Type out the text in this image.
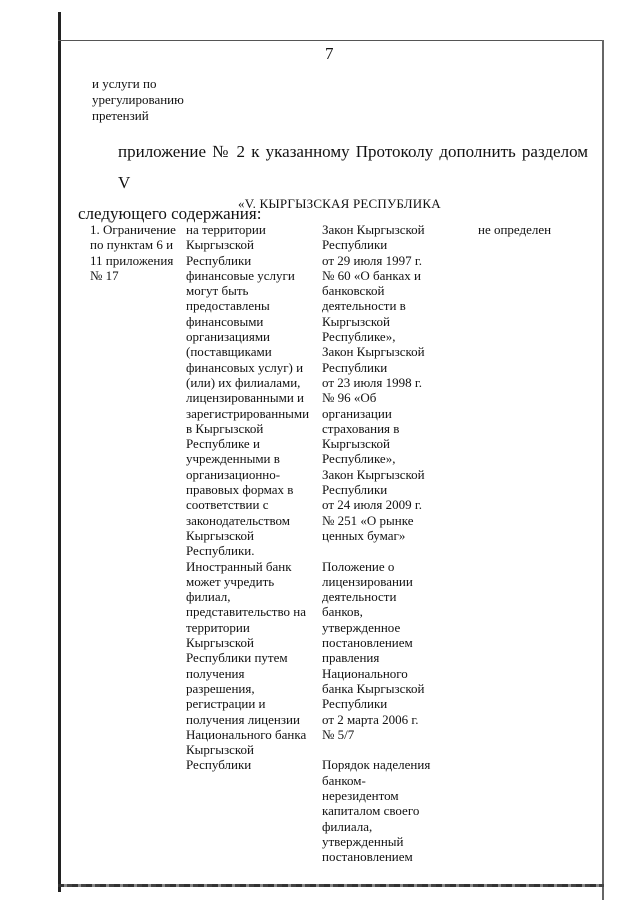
7
и услуги по
урегулированию
претензий
приложение № 2 к указанному Протоколу дополнить разделом V
следующего содержания:
«V. КЫРГЫЗСКАЯ РЕСПУБЛИКА
1. Ограничение
по пунктам 6 и
11 приложения
№ 17
на территории
Кыргызской
Республики
финансовые услуги
могут быть
предоставлены
финансовыми
организациями
(поставщиками
финансовых услуг) и
(или) их филиалами,
лицензированными и
зарегистрированными
в Кыргызской
Республике и
учрежденными в
организационно-
правовых формах в
соответствии с
законодательством
Кыргызской
Республики.
Иностранный банк
может учредить
филиал,
представительство на
территории
Кыргызской
Республики путем
получения
разрешения,
регистрации и
получения лицензии
Национального банка
Кыргызской
Республики
Закон Кыргызской
Республики
от 29 июля 1997 г.
№ 60 «О банках и
банковской
деятельности в
Кыргызской
Республике»,
Закон Кыргызской
Республики
от 23 июля 1998 г.
№ 96 «Об
организации
страхования в
Кыргызской
Республике»,
Закон Кыргызской
Республики
от 24 июля 2009 г.
№ 251 «О рынке
ценных бумаг»

Положение о
лицензировании
деятельности
банков,
утвержденное
постановлением
правления
Национального
банка Кыргызской
Республики
от 2 марта 2006 г.
№ 5/7

Порядок наделения
банком-
нерезидентом
капиталом своего
филиала,
утвержденный
постановлением
не определен
